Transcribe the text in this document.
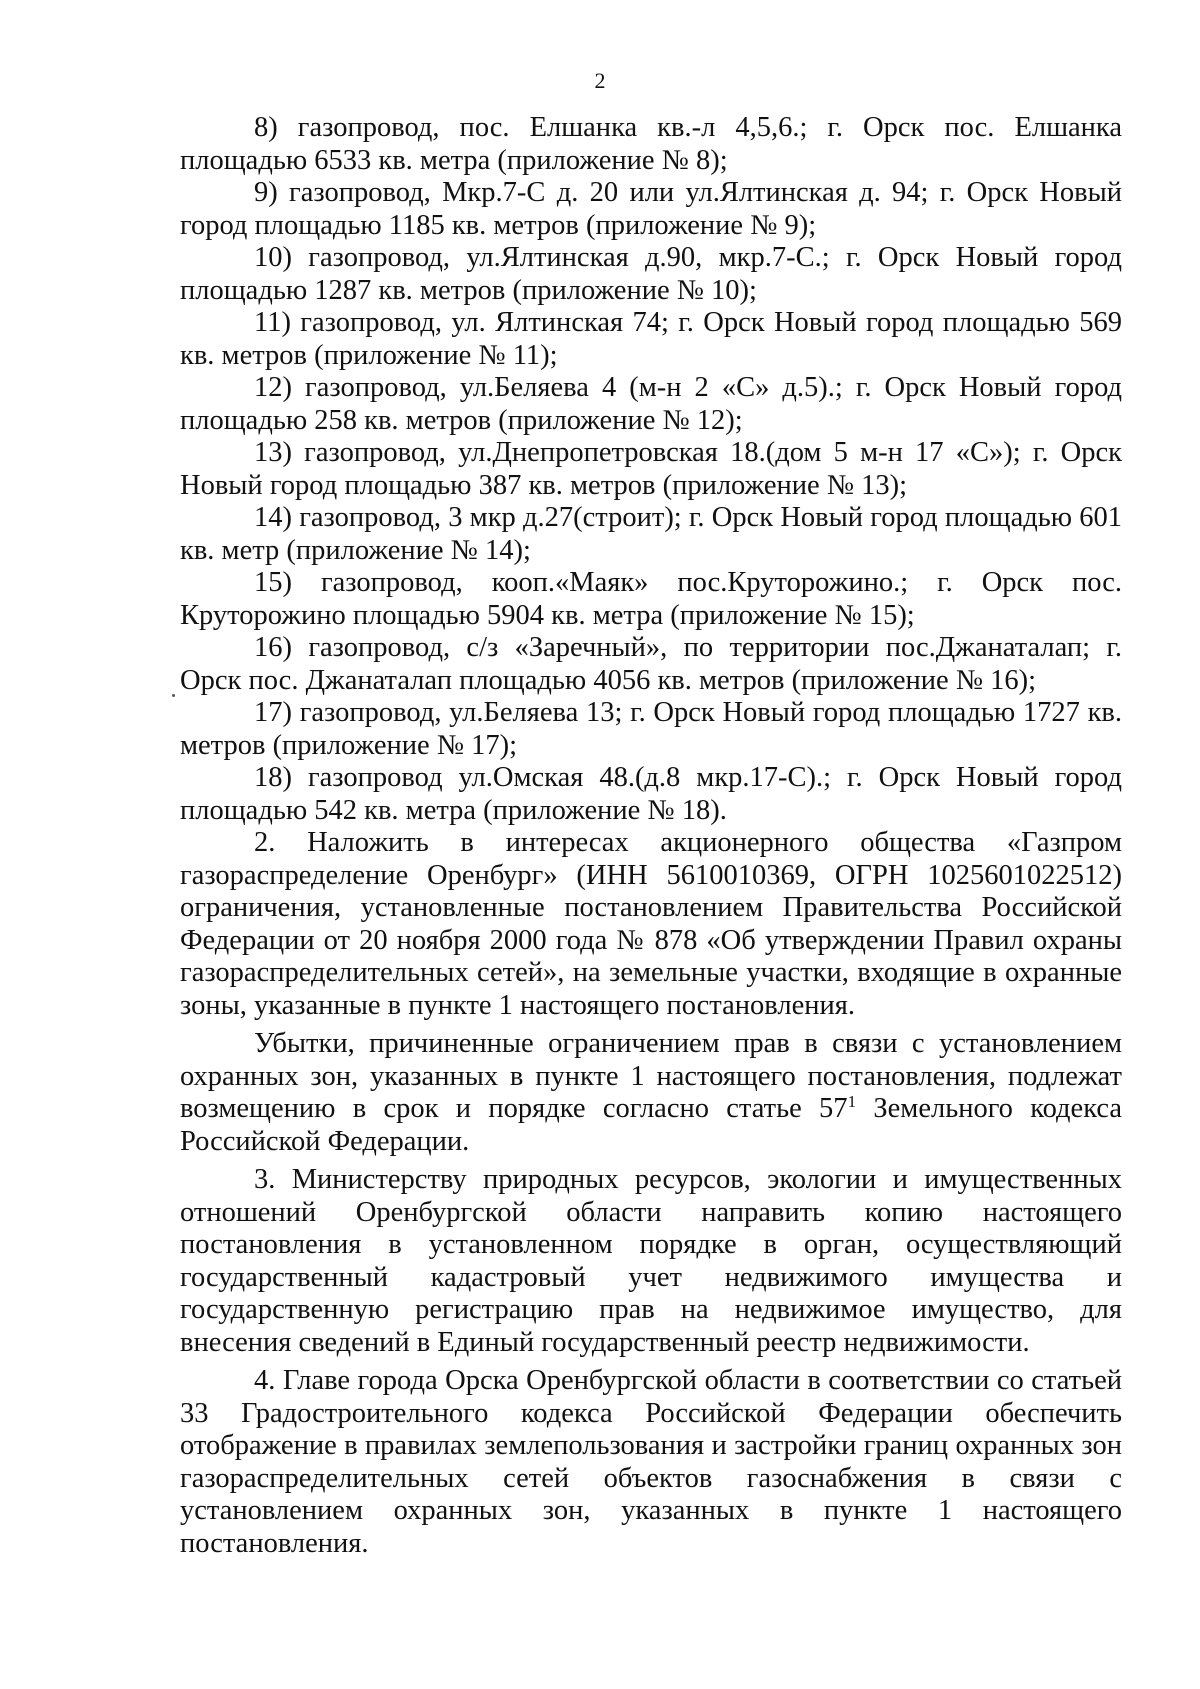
2

8) газопровод, пос. Елшанка кв.-л 4,5,6.; г. Орск пос. Елшанка площадью 6533 кв. метра (приложение № 8);

9) газопровод, Мкр.7-С д. 20 или ул.Ялтинская д. 94; г. Орск Новый город площадью 1185 кв. метров (приложение № 9);

10) газопровод, ул.Ялтинская д.90, мкр.7-С.; г. Орск Новый город площадью 1287 кв. метров (приложение № 10);

11) газопровод, ул. Ялтинская 74; г. Орск Новый город площадью 569 кв. метров (приложение № 11);

12) газопровод, ул.Беляева 4 (м-н 2 «С» д.5).; г. Орск Новый город площадью 258 кв. метров (приложение № 12);

13) газопровод, ул.Днепропетровская 18.(дом 5 м-н 17 «С»); г. Орск Новый город площадью 387 кв. метров (приложение № 13);

14) газопровод, 3 мкр д.27(строит); г. Орск Новый город площадью 601 кв. метр (приложение № 14);

15) газопровод, кооп.«Маяк» пос.Круторожино.; г. Орск пос. Круторожино площадью 5904 кв. метра (приложение № 15);

16) газопровод, с/з «Заречный», по территории пос.Джанаталап; г. Орск пос. Джанаталап площадью 4056 кв. метров (приложение № 16);

17) газопровод, ул.Беляева 13; г. Орск Новый город площадью 1727 кв. метров (приложение № 17);

18) газопровод ул.Омская 48.(д.8 мкр.17-С).; г. Орск Новый город площадью 542 кв. метра (приложение № 18).

2. Наложить в интересах акционерного общества «Газпром газораспределение Оренбург» (ИНН 5610010369, ОГРН 1025601022512) ограничения, установленные постановлением Правительства Российской Федерации от 20 ноября 2000 года № 878 «Об утверждении Правил охраны газораспределительных сетей», на земельные участки, входящие в охранные зоны, указанные в пункте 1 настоящего постановления.

Убытки, причиненные ограничением прав в связи с установлением охранных зон, указанных в пункте 1 настоящего постановления, подлежат возмещению в срок и порядке согласно статье $57^1$ Земельного кодекса Российской Федерации.

3. Министерству природных ресурсов, экологии и имущественных отношений Оренбургской области направить копию настоящего постановления в установленном порядке в орган, осуществляющий государственный кадастровый учет недвижимого имущества и государственную регистрацию прав на недвижимое имущество, для внесения сведений в Единый государственный реестр недвижимости.

4. Главе города Орска Оренбургской области в соответствии со статьей 33 Градостроительного кодекса Российской Федерации обеспечить отображение в правилах землепользования и застройки границ охранных зон газораспределительных сетей объектов газоснабжения в связи с установлением охранных зон, указанных в пункте 1 настоящего постановления.
